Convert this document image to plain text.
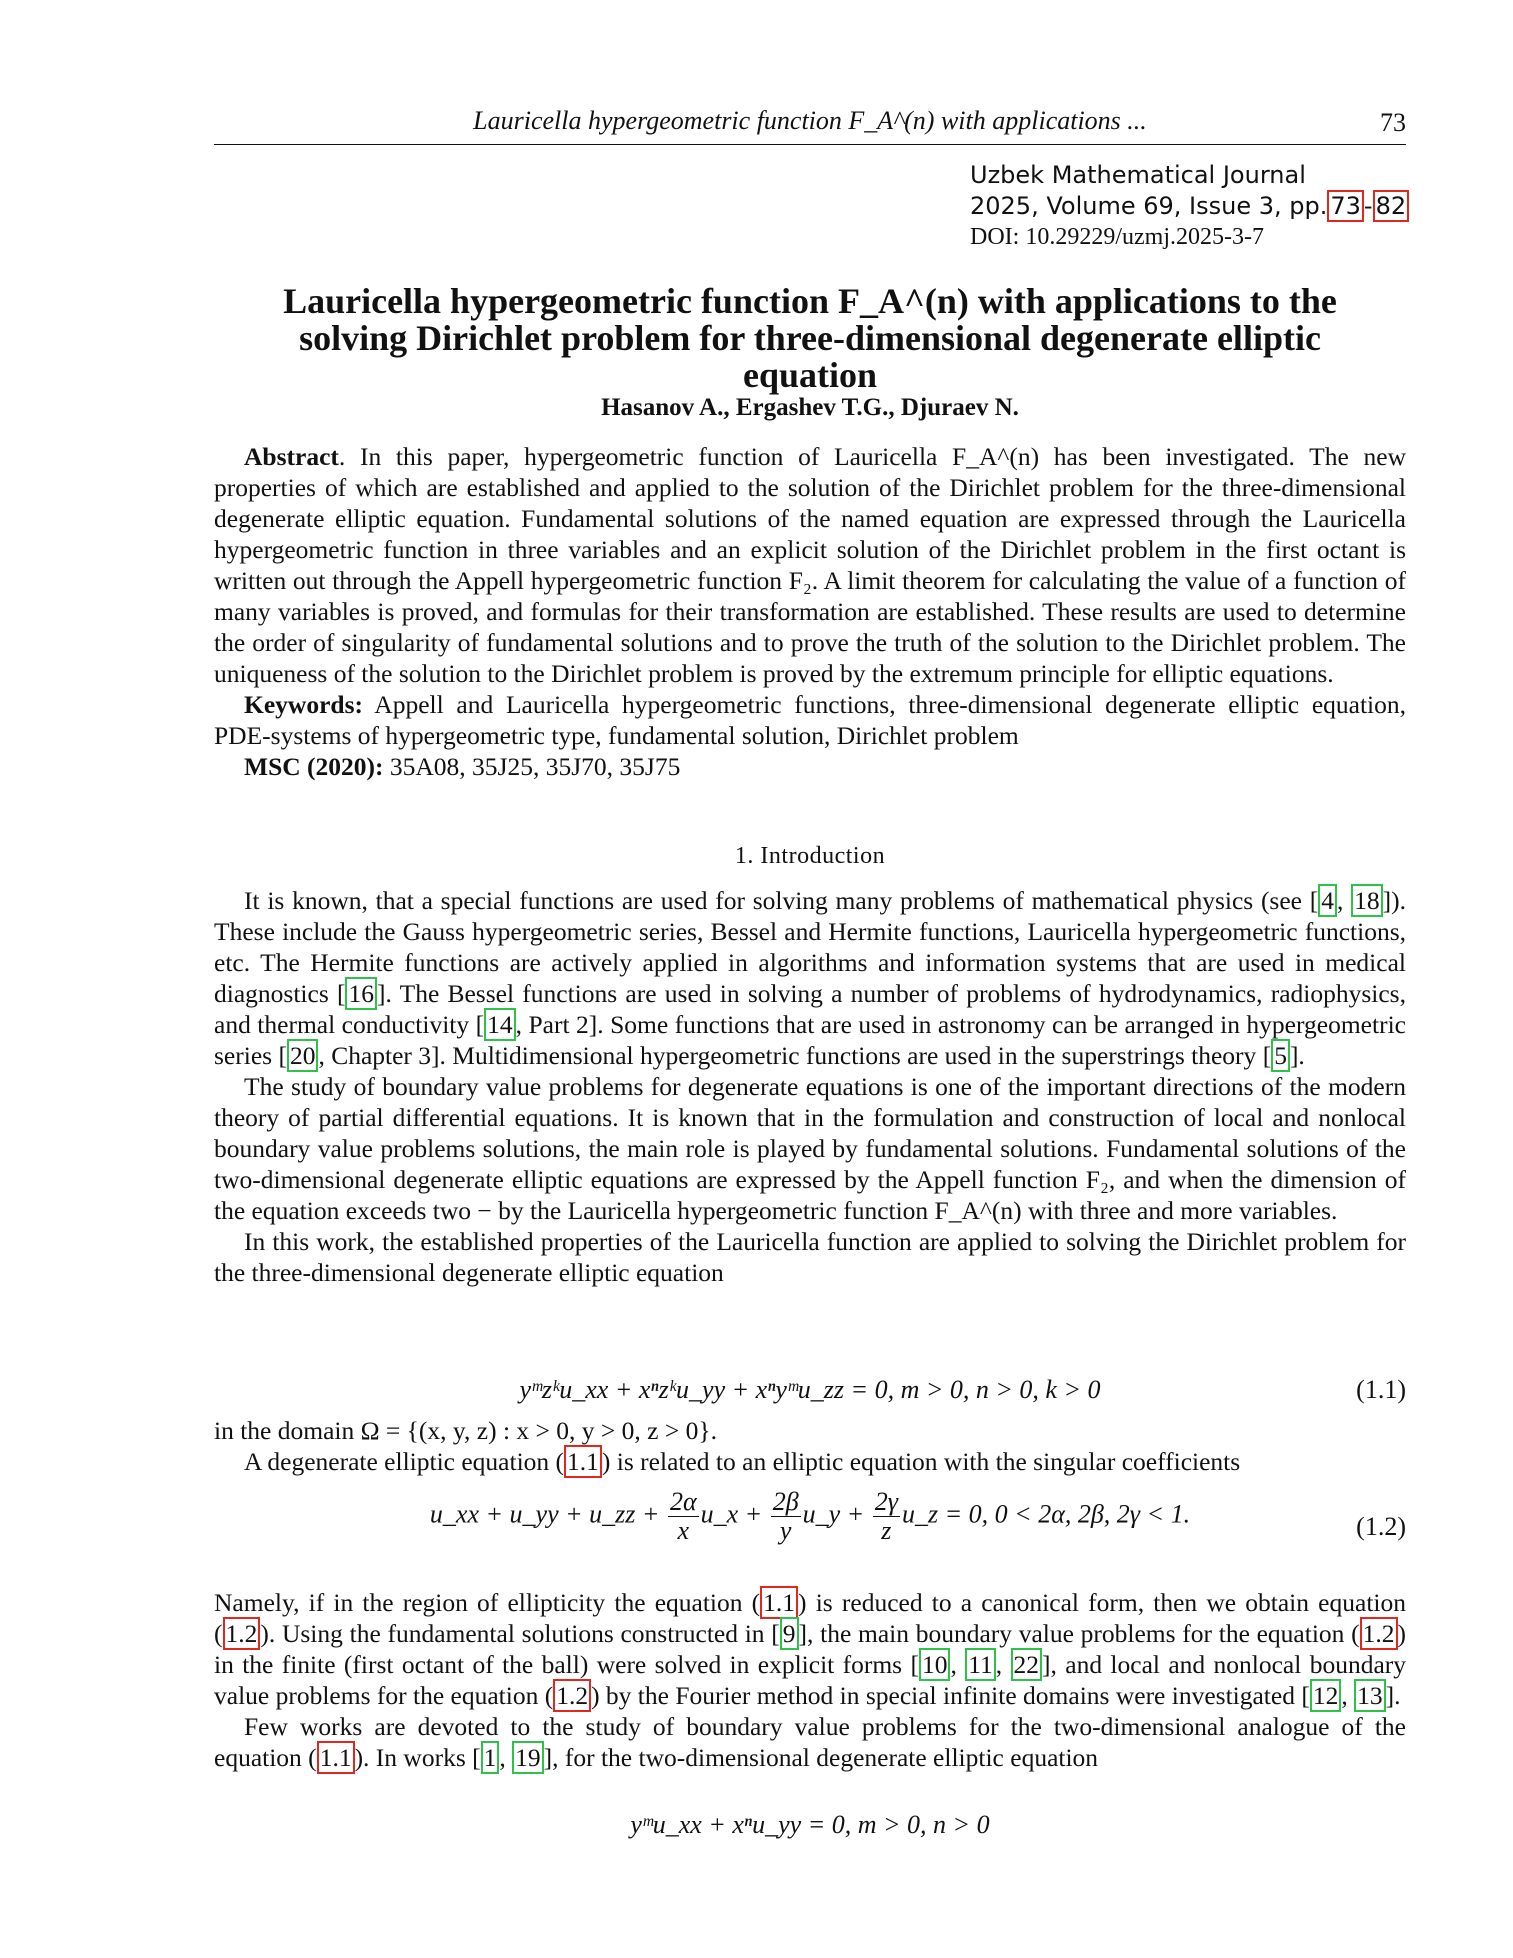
Lauricella hypergeometric function F_A^(n) with applications ...	73
Uzbek Mathematical Journal
2025, Volume 69, Issue 3, pp. 73 - 82
DOI: 10.29229/uzmj.2025-3-7
Lauricella hypergeometric function F_A^(n) with applications to the
solving Dirichlet problem for three-dimensional degenerate elliptic
equation
Hasanov A., Ergashev T.G., Djuraev N.

Abstract. In this paper, hypergeometric function of Lauricella F_A^(n) has been investigated. The new properties of which are established and applied to the solution of the Dirichlet problem for the three-dimensional degenerate elliptic equation. Fundamental solutions of the named equation are expressed through the Lauricella hypergeometric function in three variables and an explicit solution of the Dirichlet problem in the first octant is written out through the Appell hypergeometric function F₂. A limit theorem for calculating the value of a function of many variables is proved, and formulas for their transformation are established. These results are used to determine the order of singularity of fundamental solutions and to prove the truth of the solution to the Dirichlet problem. The uniqueness of the solution to the Dirichlet problem is proved by the extremum principle for elliptic equations.

Keywords: Appell and Lauricella hypergeometric functions, three-dimensional degenerate elliptic equation, PDE-systems of hypergeometric type, fundamental solution, Dirichlet problem

MSC (2020): 35A08, 35J25, 35J70, 35J75

1. Introduction

It is known, that a special functions are used for solving many problems of mathematical physics (see [ 4 , 18 ]). These include the Gauss hypergeometric series, Bessel and Hermite functions, Lauricella hypergeometric functions, etc. The Hermite functions are actively applied in algorithms and information systems that are used in medical diagnostics [ 16 ]. The Bessel functions are used in solving a number of problems of hydrodynamics, radiophysics, and thermal conductivity [ 14 , Part 2]. Some functions that are used in astronomy can be arranged in hypergeometric series [ 20 , Chapter 3]. Multidimensional hypergeometric functions are used in the superstrings theory [ 5 ].

The study of boundary value problems for degenerate equations is one of the important directions of the modern theory of partial differential equations. It is known that in the formulation and construction of local and nonlocal boundary value problems solutions, the main role is played by fundamental solutions. Fundamental solutions of the two-dimensional degenerate elliptic equations are expressed by the Appell function F₂, and when the dimension of the equation exceeds two − by the Lauricella hypergeometric function F_A^(n) with three and more variables.

In this work, the established properties of the Lauricella function are applied to solving the Dirichlet problem for the three-dimensional degenerate elliptic equation

yᵐzᵏu_xx + xⁿzᵏu_yy + xⁿyᵐu_zz = 0, m > 0, n > 0, k > 0	(1.1)

in the domain Ω = {(x, y, z) : x > 0, y > 0, z > 0}.

A degenerate elliptic equation ( 1.1 ) is related to an elliptic equation with the singular coefficients

u_xx + u_yy + u_zz + $\frac{2\alpha}{x}$ u_x + $\frac{2\beta}{y}$ u_y + $\frac{2\gamma}{z}$ u_z = 0, 0 < 2α, 2β, 2γ < 1.	(1.2)

Namely, if in the region of ellipticity the equation ( 1.1 ) is reduced to a canonical form, then we obtain equation ( 1.2 ). Using the fundamental solutions constructed in [ 9 ], the main boundary value problems for the equation ( 1.2 ) in the finite (first octant of the ball) were solved in explicit forms [ 10 , 11 , 22 ], and local and nonlocal boundary value problems for the equation ( 1.2 ) by the Fourier method in special infinite domains were investigated [ 12 , 13 ].

Few works are devoted to the study of boundary value problems for the two-dimensional analogue of the equation ( 1.1 ). In works [ 1 , 19 ], for the two-dimensional degenerate elliptic equation

yᵐu_xx + xⁿu_yy = 0, m > 0, n > 0
